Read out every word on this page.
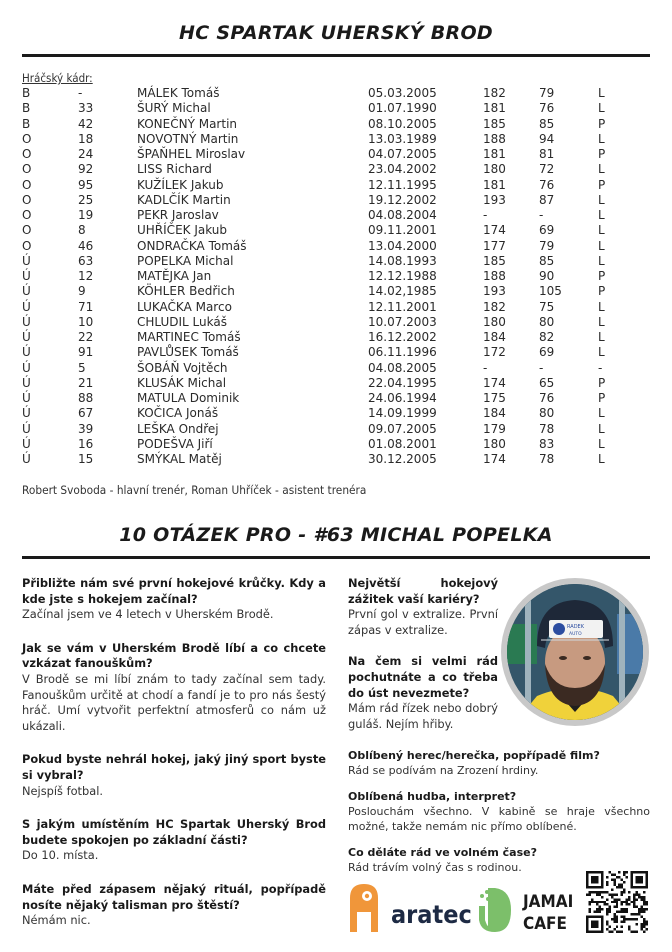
HC SPARTAK UHERSKÝ BROD
Hráčský kádr:
B	-	MÁLEK Tomáš	05.03.2005	182	79	L
B	33	ŠURÝ Michal	01.07.1990	181	76	L
B	42	KONEČNÝ Martin	08.10.2005	185	85	P
O	18	NOVOTNÝ Martin	13.03.1989	188	94	L
O	24	ŠPAŇHEL Miroslav	04.07.2005	181	81	P
O	92	LISS Richard	23.04.2002	180	72	L
O	95	KUŽÍLEK Jakub	12.11.1995	181	76	P
O	25	KADLČÍK Martin	19.12.2002	193	87	L
O	19	PEKR Jaroslav	04.08.2004	-	-	L
O	8	UHŘÍČEK Jakub	09.11.2001	174	69	L
O	46	ONDRAČKA Tomáš	13.04.2000	177	79	L
Ú	63	POPELKA Michal	14.08.1993	185	85	L
Ú	12	MATĚJKA Jan	12.12.1988	188	90	P
Ú	9	KÖHLER Bedřich	14.02,1985	193	105	P
Ú	71	LUKAČKA Marco	12.11.2001	182	75	L
Ú	10	CHLUDIL Lukáš	10.07.2003	180	80	L
Ú	22	MARTINEC Tomáš	16.12.2002	184	82	L
Ú	91	PAVLŮSEK Tomáš	06.11.1996	172	69	L
Ú	5	ŠOBÁŇ Vojtěch	04.08.2005	-	-	-
Ú	21	KLUSÁK Michal	22.04.1995	174	65	P
Ú	88	MATULA Dominik	24.06.1994	175	76	P
Ú	67	KOČICA Jonáš	14.09.1999	184	80	L
Ú	39	LEŠKA Ondřej	09.07.2005	179	78	L
Ú	16	PODEŠVA Jiří	01.08.2001	180	83	L
Ú	15	SMÝKAL Matěj	30.12.2005	174	78	L
Robert Svoboda - hlavní trenér, Roman Uhříček - asistent trenéra
10 OTÁZEK PRO - #63 MICHAL POPELKA
Přibližte nám své první hokejové krůčky. Kdy a kde jste s hokejem začínal?
Začínal jsem ve 4 letech v Uherském Brodě.
Jak se vám v Uherském Brodě líbí a co chcete vzkázat fanouškům?
V Brodě se mi líbí znám to tady začínal sem tady. Fanouškům určitě at chodí a fandí je to pro nás šestý hráč. Umí vytvořit perfektní atmosferů co nám už ukázali.
Pokud byste nehrál hokej, jaký jiný sport byste si vybral?
Nejspíš fotbal.
S jakým umístěním HC Spartak Uherský Brod budete spokojen po základní části?
Do 10. místa.
Máte před zápasem nějaký rituál, popřípadě nosíte nějaký talisman pro štěstí?
Némám nic.
Největší hokejový zážitek vaší kariéry?
První gol v extralize. První zápas v extralize.
Na čem si velmi rád pochutnáte a co třeba do úst nevezmete?
Mám rád řízek nebo dobrý guláš. Nejím hřiby.
Oblíbený herec/herečka, popřípadě film?
Rád se podívám na Zrození hrdiny.
Oblíbená hudba, interpret?
Poslouchám všechno. V kabině se hraje všechno možné, takže nemám nic přímo oblíbené.
Co děláte rád ve volném čase?
Rád trávím volný čas s rodinou.
RADEK
AUTO
aratec	JAMAI
CAFE
